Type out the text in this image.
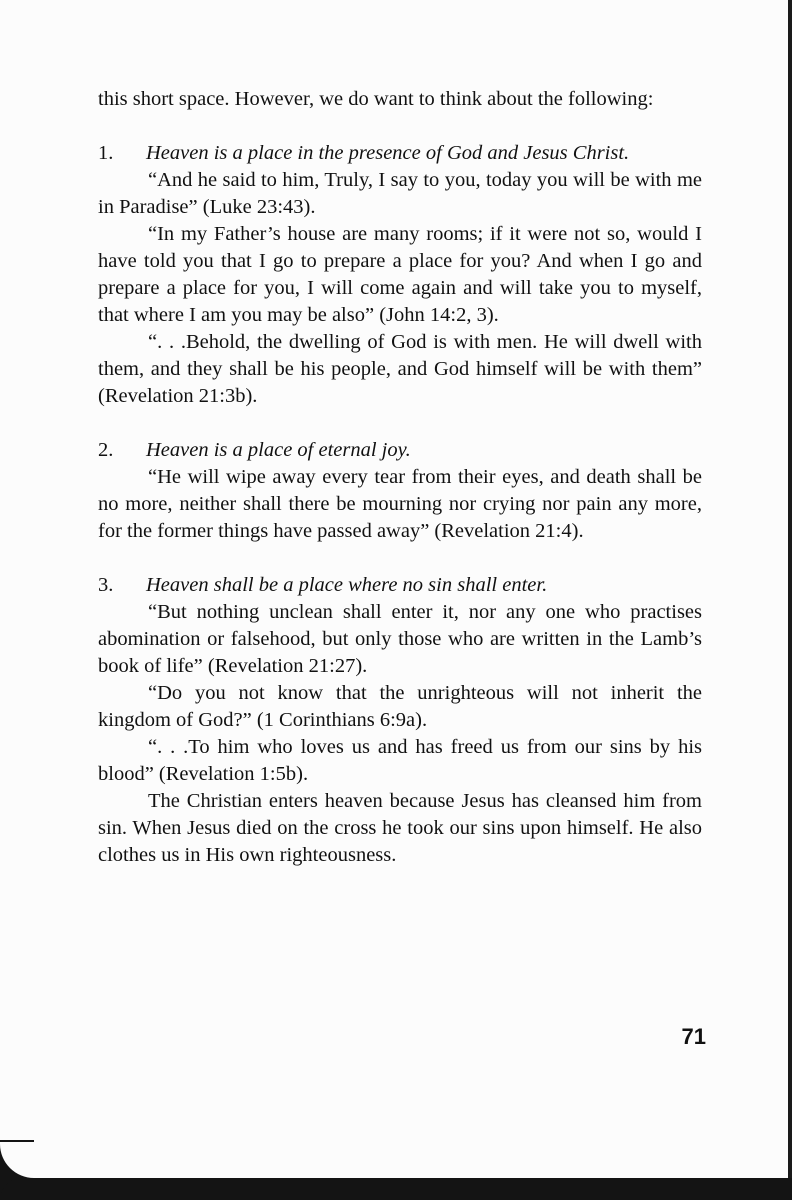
this short space. However, we do want to think about the following:

1. Heaven is a place in the presence of God and Jesus Christ.

“And he said to him, Truly, I say to you, today you will be with me in Paradise” (Luke 23:43).

“In my Father’s house are many rooms; if it were not so, would I have told you that I go to prepare a place for you? And when I go and prepare a place for you, I will come again and will take you to myself, that where I am you may be also” (John 14:2, 3).

“. . .Behold, the dwelling of God is with men. He will dwell with them, and they shall be his people, and God himself will be with them” (Revelation 21:3b).

2. Heaven is a place of eternal joy.

“He will wipe away every tear from their eyes, and death shall be no more, neither shall there be mourning nor crying nor pain any more, for the former things have passed away” (Revelation 21:4).

3. Heaven shall be a place where no sin shall enter.

“But nothing unclean shall enter it, nor any one who practises abomination or falsehood, but only those who are written in the Lamb’s book of life” (Revelation 21:27).

“Do you not know that the unrighteous will not inherit the kingdom of God?” (1 Corinthians 6:9a).

“. . .To him who loves us and has freed us from our sins by his blood” (Revelation 1:5b).

The Christian enters heaven because Jesus has cleansed him from sin. When Jesus died on the cross he took our sins upon himself. He also clothes us in His own righteousness.

71
